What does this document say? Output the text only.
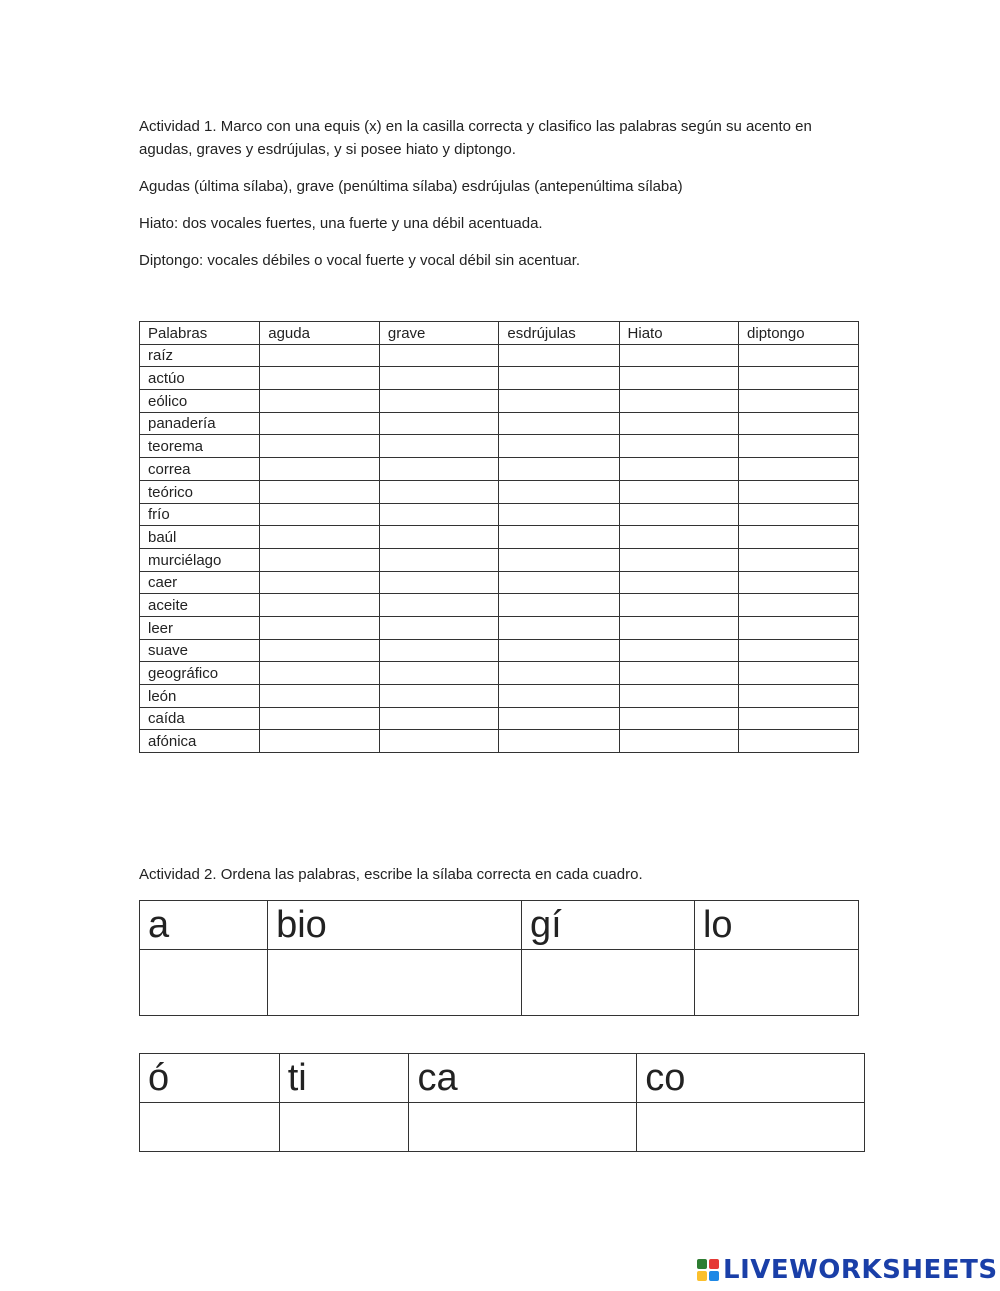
Actividad 1. Marco con una equis (x) en la casilla correcta y clasifico las palabras según su acento en agudas, graves y esdrújulas, y si posee hiato y diptongo.

Agudas (última sílaba), grave (penúltima sílaba) esdrújulas (antepenúltima sílaba)

Hiato: dos vocales fuertes, una fuerte y una débil acentuada.

Diptongo: vocales débiles o vocal fuerte y vocal débil sin acentuar.

Palabras	aguda	grave	esdrújulas	Hiato	diptongo
raíz					
actúo					
eólico					
panadería					
teorema					
correa					
teórico					
frío					
baúl					
murciélago					
caer					
aceite					
leer					
suave					
geográfico					
león					
caída					
afónica					

Actividad 2. Ordena las palabras, escribe la sílaba correcta en cada cuadro.

a	bio	gí	lo

ó	ti	ca	co

LIVEWORKSHEETS
